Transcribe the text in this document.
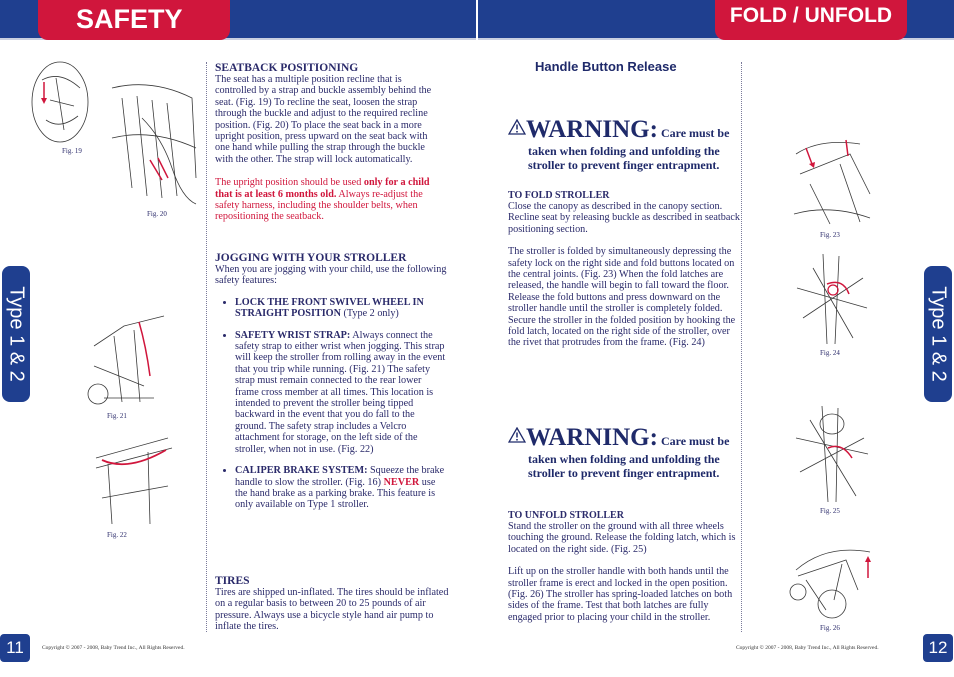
SAFETY	FOLD / UNFOLD
Type 1 & 2	Type 1 & 2
11	Copyright © 2007 - 2008, Baby Trend Inc., All Rights Reserved.	12
Copyright © 2007 - 2008, Baby Trend Inc., All Rights Reserved.
Fig. 19
Fig. 20
Fig. 21
Fig. 22
SEATBACK POSITIONING

The seat has a multiple position recline that is controlled by a strap and buckle assembly behind the seat. (Fig. 19) To recline the seat, loosen the strap through the buckle and adjust to the required recline position. (Fig. 20) To place the seat back in a more upright position, press upward on the seat back with one hand while pulling the strap through the buckle with the other. The strap will lock automatically.

The upright position should be used only for a child that is at least 6 months old. Always re-adjust the safety harness, including the shoulder belts, when repositioning the seatback.

JOGGING WITH YOUR STROLLER

When you are jogging with your child, use the following safety features:

• LOCK THE FRONT SWIVEL WHEEL IN STRAIGHT POSITION (Type 2 only)
• SAFETY WRIST STRAP: Always connect the safety strap to either wrist when jogging. This strap will keep the stroller from rolling away in the event that you trip while running. (Fig. 21) The safety strap must remain connected to the rear lower frame cross member at all times. This location is intended to prevent the stroller being tipped backward in the event that you do fall to the ground. The safety strap includes a Velcro attachment for storage, on the left side of the stroller, when not in use. (Fig. 22)
• CALIPER BRAKE SYSTEM: Squeeze the brake handle to slow the stroller. (Fig. 16) NEVER use the hand brake as a parking brake. This feature is only available on Type 1 stroller.
TIRES

Tires are shipped un-inflated. The tires should be inflated on a regular basis to between 20 to 25 pounds of air pressure. Always use a bicycle style hand air pump to inflate the tires.

Handle Button Release
WARNING: Care must be
taken when folding and unfolding the stroller to prevent finger entrapment.
TO FOLD STROLLER

Close the canopy as described in the canopy section. Recline seat by releasing buckle as described in seatback positioning section.

The stroller is folded by simultaneously depressing the safety lock on the right side and fold buttons located on the central joints. (Fig. 23) When the fold latches are released, the handle will begin to fall toward the floor. Release the fold buttons and press downward on the stroller handle until the stroller is completely folded. Secure the stroller in the folded position by hooking the fold latch, located on the right side of the stroller, over the rivet that protrudes from the frame. (Fig. 24)

WARNING: Care must be
taken when folding and unfolding the stroller to prevent finger entrapment.
TO UNFOLD STROLLER

Stand the stroller on the ground with all three wheels touching the ground. Release the folding latch, which is located on the right side. (Fig. 25)

Lift up on the stroller handle with both hands until the stroller frame is erect and locked in the open position. (Fig. 26) The stroller has spring-loaded latches on both sides of the frame. Test that both latches are fully engaged prior to placing your child in the stroller.

Fig. 23
Fig. 24
Fig. 25
Fig. 26
